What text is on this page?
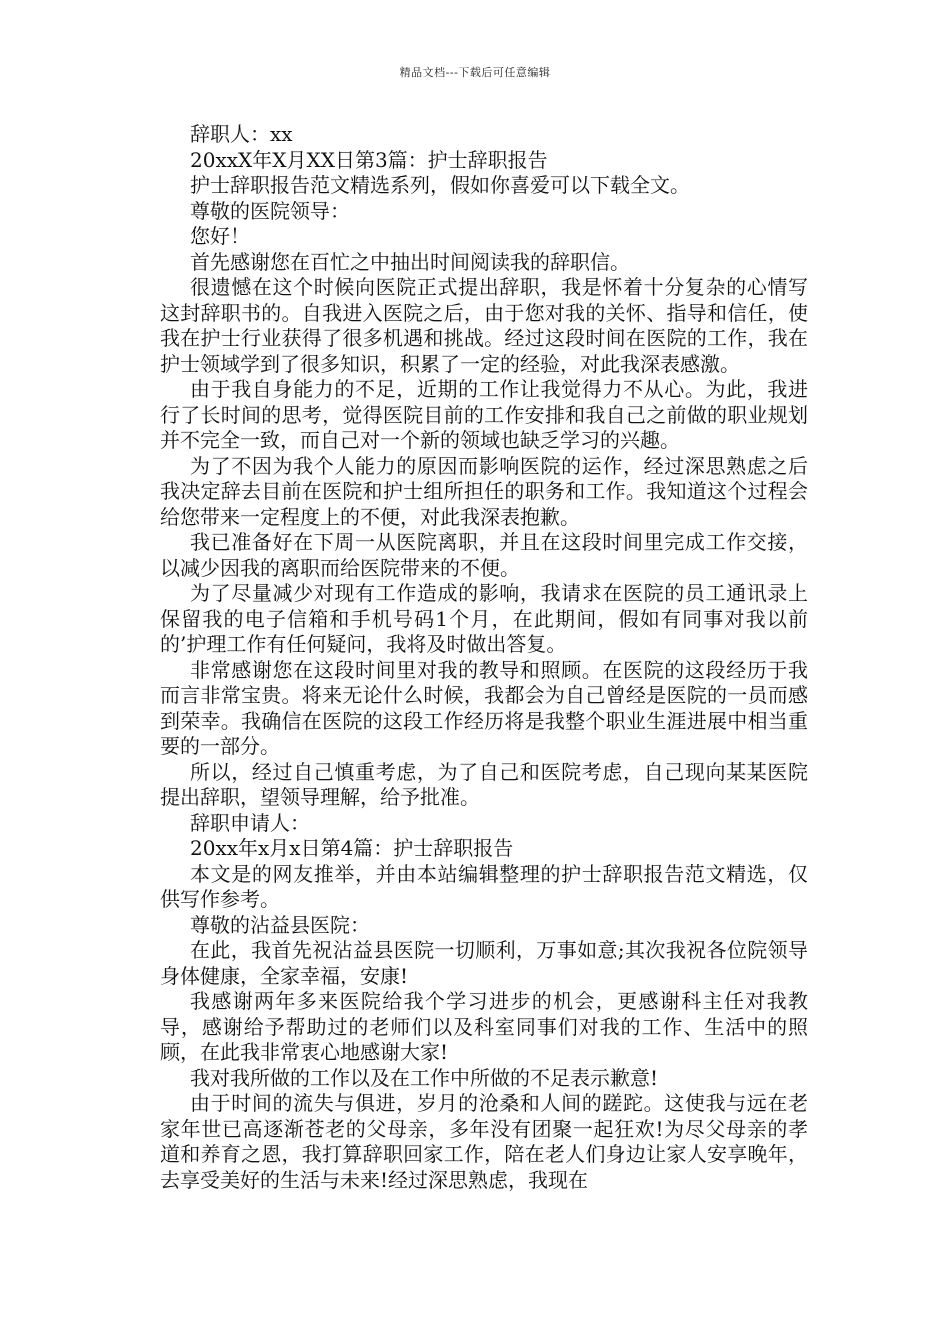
精品文档---下载后可任意编辑

辞职人：xx

20xxX年X月XX日第3篇：护士辞职报告

护士辞职报告范文精选系列，假如你喜爱可以下载全文。

尊敬的医院领导：

您好！

首先感谢您在百忙之中抽出时间阅读我的辞职信。

很遗憾在这个时候向医院正式提出辞职，我是怀着十分复杂的心情写这封辞职书的。自我进入医院之后，由于您对我的关怀、指导和信任，使我在护士行业获得了很多机遇和挑战。经过这段时间在医院的工作，我在护士领域学到了很多知识，积累了一定的经验，对此我深表感激。

由于我自身能力的不足，近期的工作让我觉得力不从心。为此，我进行了长时间的思考，觉得医院目前的工作安排和我自己之前做的职业规划并不完全一致，而自己对一个新的领域也缺乏学习的兴趣。

为了不因为我个人能力的原因而影响医院的运作，经过深思熟虑之后我决定辞去目前在医院和护士组所担任的职务和工作。我知道这个过程会给您带来一定程度上的不便，对此我深表抱歉。

我已准备好在下周一从医院离职，并且在这段时间里完成工作交接，以减少因我的离职而给医院带来的不便。

为了尽量减少对现有工作造成的影响，我请求在医院的员工通讯录上保留我的电子信箱和手机号码1个月，在此期间，假如有同事对我以前的’护理工作有任何疑问，我将及时做出答复。

非常感谢您在这段时间里对我的教导和照顾。在医院的这段经历于我而言非常宝贵。将来无论什么时候，我都会为自己曾经是医院的一员而感到荣幸。我确信在医院的这段工作经历将是我整个职业生涯进展中相当重要的一部分。

所以，经过自己慎重考虑，为了自己和医院考虑，自己现向某某医院提出辞职，望领导理解，给予批准。

辞职申请人：

20xx年x月x日第4篇：护士辞职报告

本文是的网友推举，并由本站编辑整理的护士辞职报告范文精选，仅供写作参考。

尊敬的沾益县医院：

在此，我首先祝沾益县医院一切顺利，万事如意;其次我祝各位院领导身体健康，全家幸福，安康!

我感谢两年多来医院给我个学习进步的机会，更感谢科主任对我教导，感谢给予帮助过的老师们以及科室同事们对我的工作、生活中的照顾，在此我非常衷心地感谢大家!

我对我所做的工作以及在工作中所做的不足表示歉意!

由于时间的流失与俱进，岁月的沧桑和人间的蹉跎。这使我与远在老家年世已高逐渐苍老的父母亲，多年没有团聚一起狂欢!为尽父母亲的孝道和养育之恩，我打算辞职回家工作，陪在老人们身边让家人安享晚年，去享受美好的生活与未来!经过深思熟虑，我现在
